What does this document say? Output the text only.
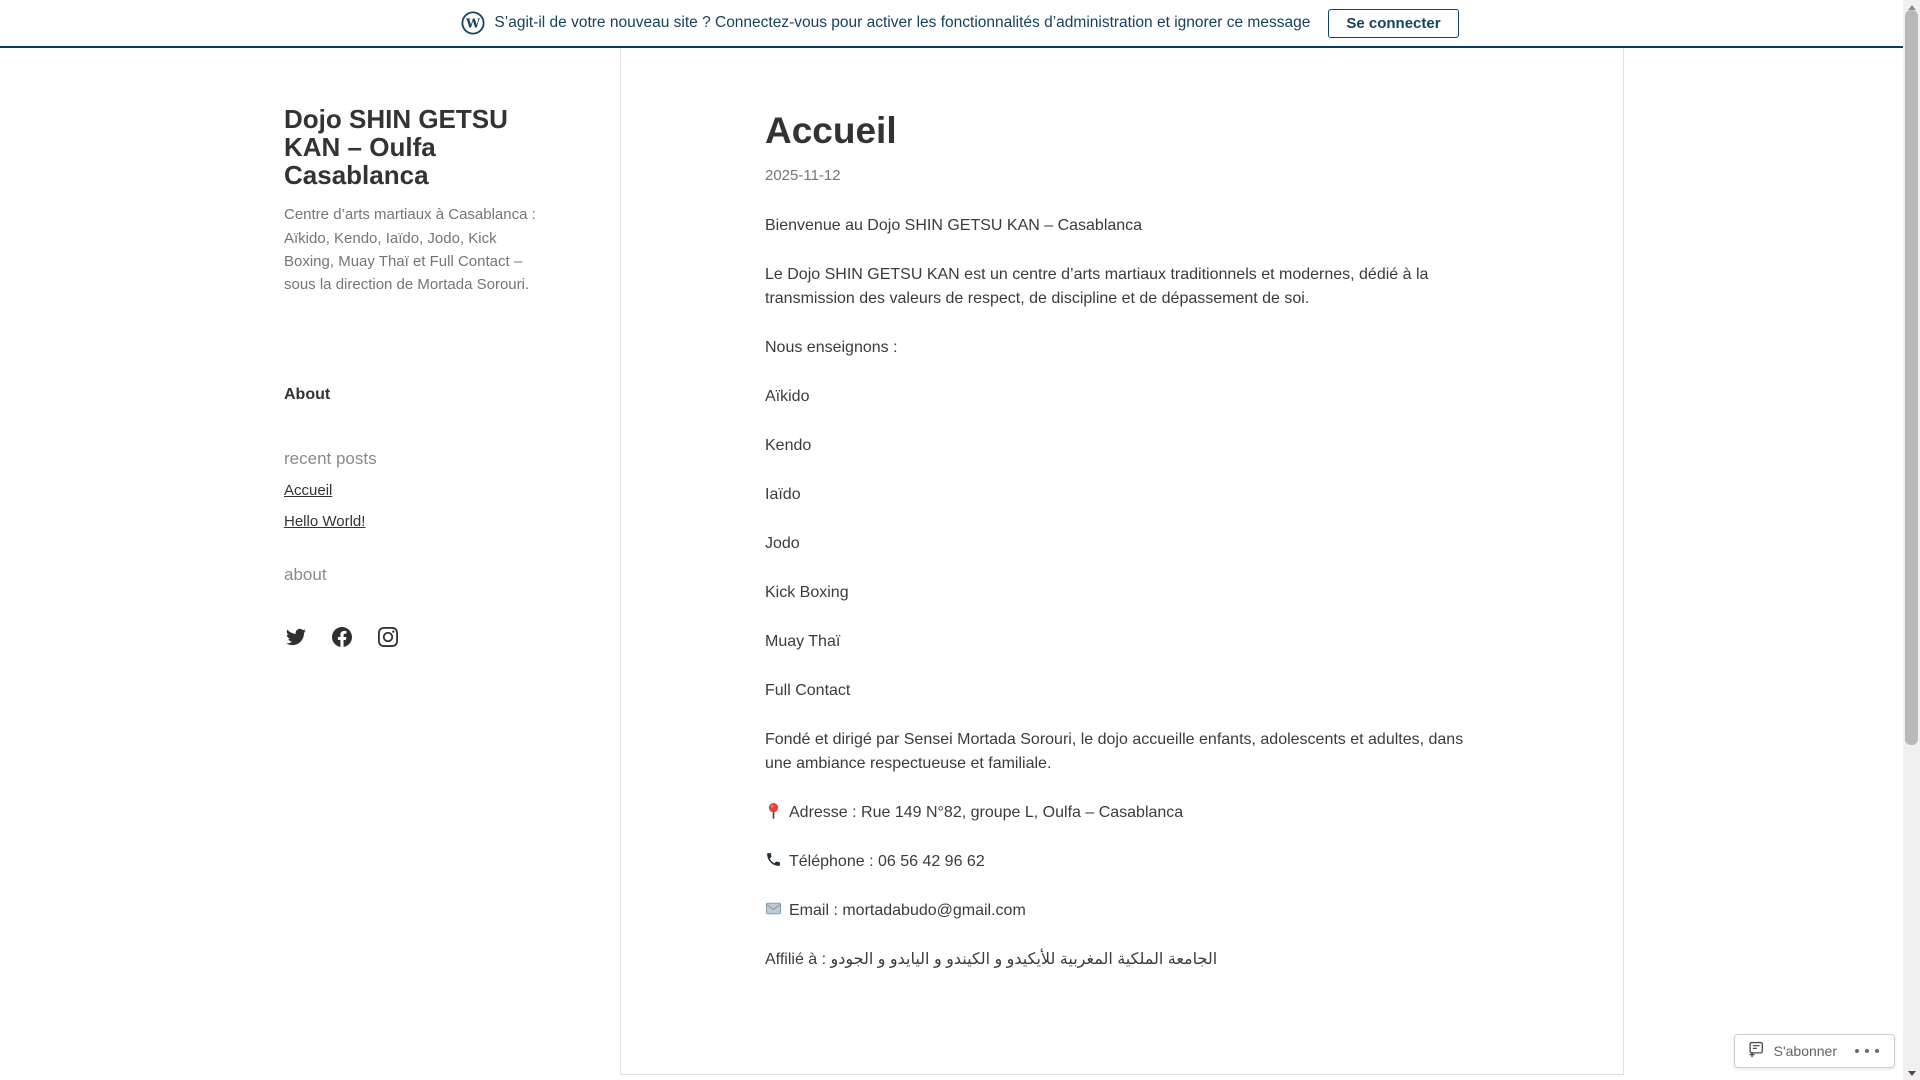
W S’agit-il de votre nouveau site ? Connectez-vous pour activer les fonctionnalités d’administration et ignorer ce message	Se connecter
Dojo SHIN GETSU KAN – Oulfa Casablanca
Centre d’arts martiaux à Casablanca : Aïkido, Kendo, Iaïdo, Jodo, Kick Boxing, Muay Thaï et Full Contact – sous la direction de Mortada Sorouri.
About
recent posts
Accueil
Hello World!
about
Accueil
2025-11-12

Bienvenue au Dojo SHIN GETSU KAN – Casablanca

Le Dojo SHIN GETSU KAN est un centre d’arts martiaux traditionnels et modernes, dédié à la transmission des valeurs de respect, de discipline et de dépassement de soi.

Nous enseignons :

Aïkido

Kendo

Iaïdo

Jodo

Kick Boxing

Muay Thaï

Full Contact

Fondé et dirigé par Sensei Mortada Sorouri, le dojo accueille enfants, adolescents et adultes, dans une ambiance respectueuse et familiale.

Adresse : Rue 149 N°82, groupe L, Oulfa – Casablanca

Téléphone : 06 56 42 96 62

Email : mortadabudo@gmail.com

Affilié à : الجامعة الملكية المغربية للأيكيدو و الكيندو و اليايدو و الجودو

S'abonner
